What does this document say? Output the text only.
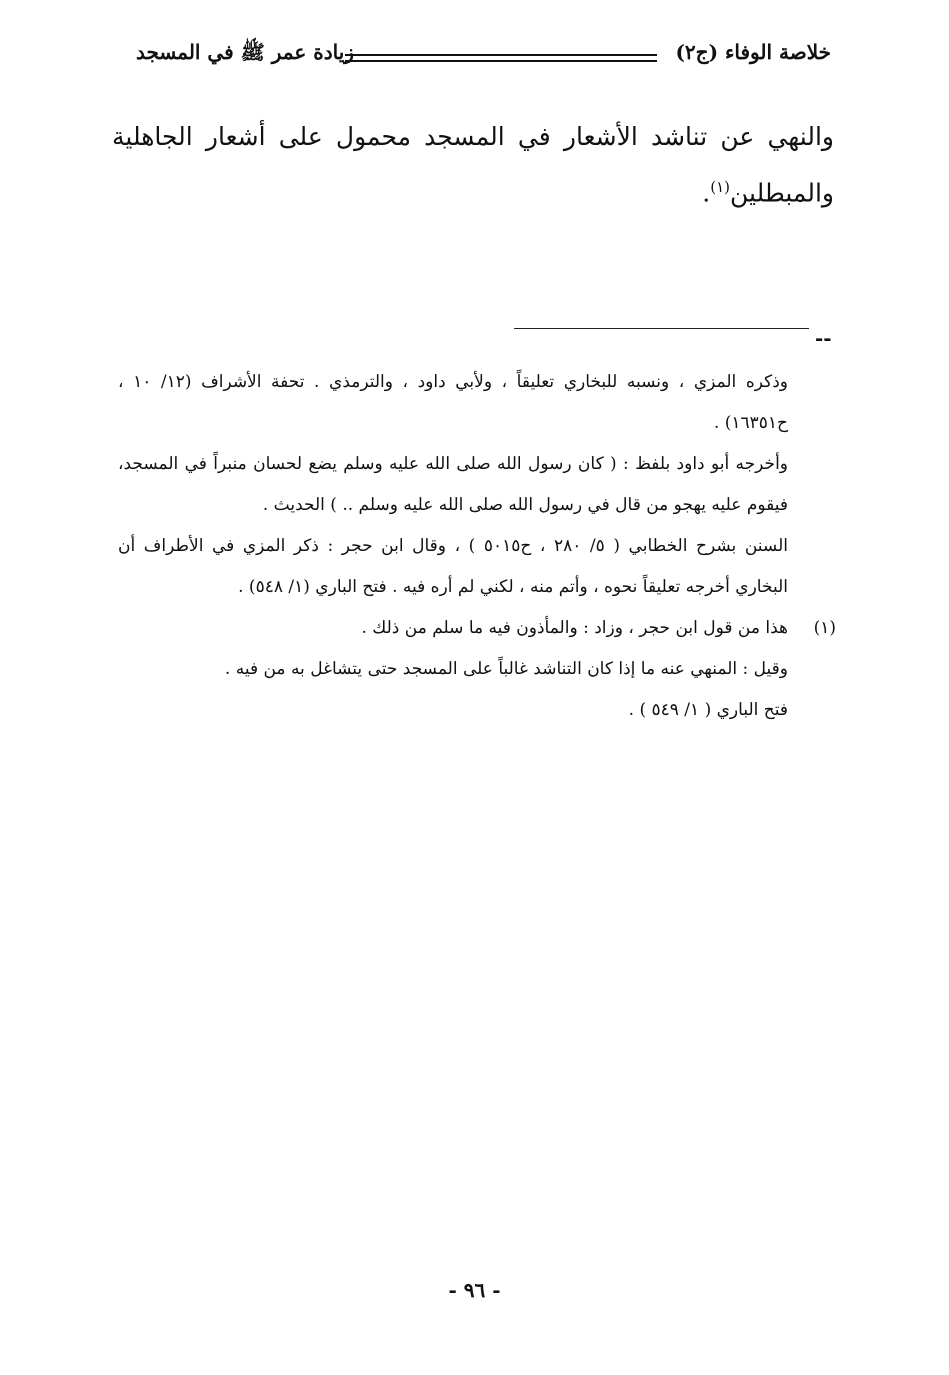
خلاصة الوفاء (ج٢)
زيادة عمر ﷺ في المسجد
والنهي عن تناشد الأشعار في المسجد محمول على أشعار الجاهلية والمبطلين$^{(١)}$.
--

وذكره المزي ، ونسبه للبخاري تعليقاً ، ولأبي داود ، والترمذي . تحفة الأشراف (١٢/ ١٠ ، ح١٦٣٥١) .

وأخرجه أبو داود بلفظ : ( كان رسول الله صلى الله عليه وسلم يضع لحسان منبراً في المسجد، فيقوم عليه يهجو من قال في رسول الله صلى الله عليه وسلم .. ) الحديث .

السنن بشرح الخطابي ( ٥/ ٢٨٠ ، ح٥٠١٥ ) ، وقال ابن حجر : ذكر المزي في الأطراف أن البخاري أخرجه تعليقاً نحوه ، وأتم منه ، لكني لم أره فيه . فتح الباري (١/ ٥٤٨) .

(١)
هذا من قول ابن حجر ، وزاد : والمأذون فيه ما سلم من ذلك .
وقيل : المنهي عنه ما إذا كان التناشد غالباً على المسجد حتى يتشاغل به من فيه .
فتح الباري ( ١/ ٥٤٩ ) .
- ٩٦ -
